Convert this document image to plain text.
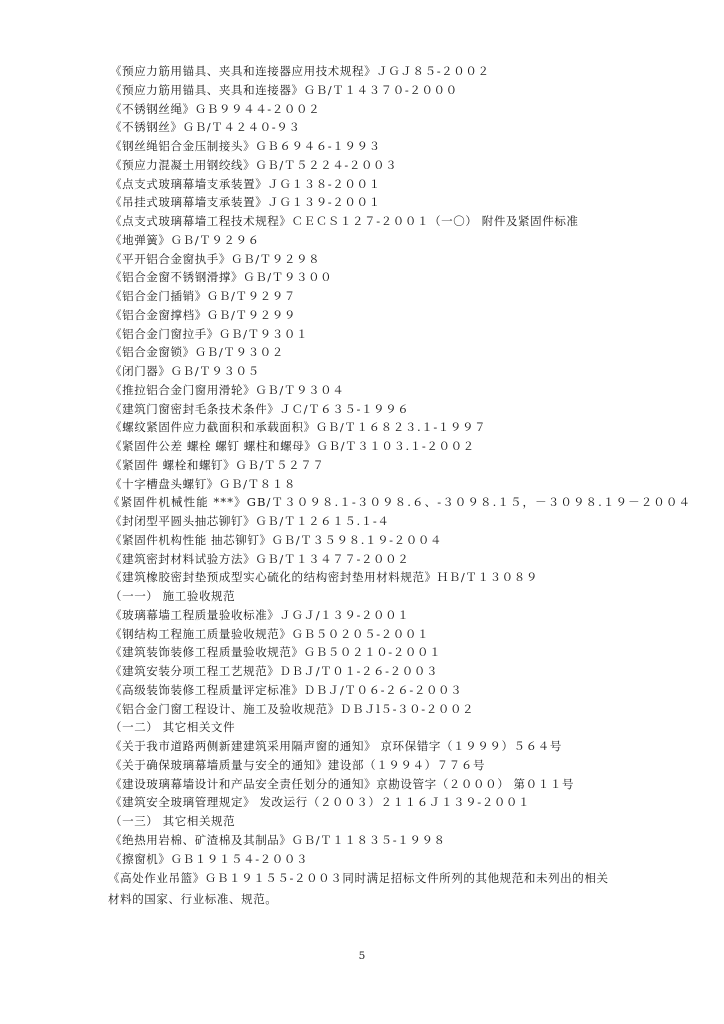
《预应力筋用锚具、夹具和连接器应用技术规程》ＪＧＪ８５-２００２
《预应力筋用锚具、夹具和连接器》ＧＢ/Ｔ１４３７０-２０００
《不锈钢丝绳》ＧＢ９９４４-２００２
《不锈钢丝》ＧＢ/Ｔ４２４０-９３
《钢丝绳铝合金压制接头》ＧＢ６９４６-１９９３
《预应力混凝土用钢绞线》ＧＢ/Ｔ５２２４-２００３
《点支式玻璃幕墙支承装置》ＪＧ１３８-２００１
《吊挂式玻璃幕墙支承装置》ＪＧ１３９-２００１
《点支式玻璃幕墙工程技术规程》ＣＥＣＳ１２７-２００１（一〇） 附件及紧固件标准
《地弹簧》ＧＢ/Ｔ９２９６
《平开铝合金窗执手》ＧＢ/Ｔ９２９８
《铝合金窗不锈钢滑撑》ＧＢ/Ｔ９３００
《铝合金门插销》ＧＢ/Ｔ９２９７
《铝合金窗撑档》ＧＢ/Ｔ９２９９
《铝合金门窗拉手》ＧＢ/Ｔ９３０１
《铝合金窗锁》ＧＢ/Ｔ９３０２
《闭门器》ＧＢ/Ｔ９３０５
《推拉铝合金门窗用滑轮》ＧＢ/Ｔ９３０４
《建筑门窗密封毛条技术条件》ＪＣ/Ｔ６３５-１９９６
《螺纹紧固件应力截面积和承载面积》ＧＢ/Ｔ１６８２３.１-１９９７
《紧固件公差 螺栓 螺钉 螺柱和螺母》ＧＢ/Ｔ３１０３.１-２００２
《紧固件 螺栓和螺钉》ＧＢ/Ｔ５２７７
《十字槽盘头螺钉》ＧＢ/Ｔ８１８
《紧固件机械性能 ***》GB/Ｔ３０９８.１-３０９８.６、-３０９８.１５，－３０９８.１９－２００４
《封闭型平圆头抽芯铆钉》ＧＢ/Ｔ１２６１５.１-４
《紧固件机构性能 抽芯铆钉》ＧＢ/Ｔ３５９８.１９-２００４
《建筑密封材料试验方法》ＧＢ/Ｔ１３４７７-２００２
《建筑橡胶密封垫预成型实心硫化的结构密封垫用材料规范》ＨＢ/Ｔ１３０８９
（一一） 施工验收规范
《玻璃幕墙工程质量验收标准》ＪＧＪ/１３９-２００１
《钢结构工程施工质量验收规范》ＧＢ５０２０５-２００１
《建筑装饰装修工程质量验收规范》ＧＢ５０２１０-２００１
《建筑安装分项工程工艺规范》ＤＢＪ/Ｔ０１-２６-２００３
《高级装饰装修工程质量评定标准》ＤＢＪ/Ｔ０６-２６-２００３
《铝合金门窗工程设计、施工及验收规范》ＤＢＪl５-３０-２００２
（一二） 其它相关文件
《关于我市道路两侧新建建筑采用隔声窗的通知》 京环保错字（１９９９）５６４号
《关于确保玻璃幕墙质量与安全的通知》建设部（１９９４）７７６号
《建设玻璃幕墙设计和产品安全责任划分的通知》京勘设管字（２０００） 第０１１号
《建筑安全玻璃管理规定》 发改运行（２００３）２１１６Ｊ１３９-２００１
（一三） 其它相关规范
《绝热用岩棉、矿渣棉及其制品》ＧＢ/Ｔ１１８３５-１９９８
《擦窗机》ＧＢ１９１５４-２００３
《高处作业吊篮》ＧＢ１９１５５-２００３同时满足招标文件所列的其他规范和未列出的相关材料的国家、行业标准、规范。
5
